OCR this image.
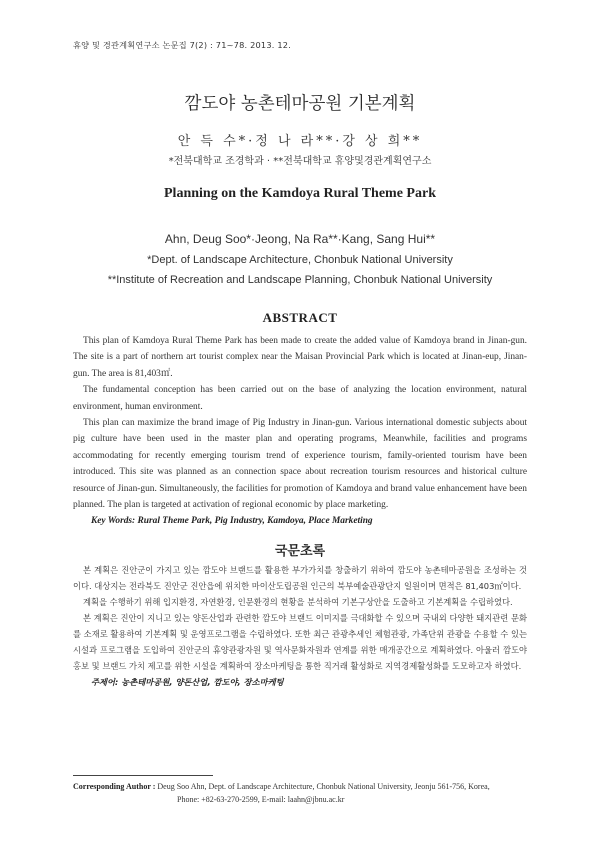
휴양 및 경관계획연구소 논문집 7(2) : 71~78. 2013. 12.
깜도야 농촌테마공원 기본계획
안 득 수*·정 나 라**·강 상 희**
*전북대학교 조경학과 · **전북대학교 휴양및경관계획연구소
Planning on the Kamdoya Rural Theme Park
Ahn, Deug Soo*·Jeong, Na Ra**·Kang, Sang Hui**
*Dept. of Landscape Architecture, Chonbuk National University
**Institute of Recreation and Landscape Planning, Chonbuk National University
ABSTRACT

This plan of Kamdoya Rural Theme Park has been made to create the added value of Kamdoya brand in Jinan-gun. The site is a part of northern art tourist complex near the Maisan Provincial Park which is located at Jinan-eup, Jinan-gun. The area is 81,403㎡.

The fundamental conception has been carried out on the base of analyzing the location environment, natural environment, human environment.

This plan can maximize the brand image of Pig Industry in Jinan-gun. Various international domestic subjects about pig culture have been used in the master plan and operating programs, Meanwhile, facilities and programs accommodating for recently emerging tourism trend of experience tourism, family-oriented tourism have been introduced. This site was planned as an connection space about recreation tourism resources and historical culture resource of Jinan-gun. Simultaneously, the facilities for promotion of Kamdoya and brand value enhancement have been planned. The plan is targeted at activation of regional economic by place marketing.

Key Words: Rural Theme Park, Pig Industry, Kamdoya, Place Marketing

국문초록

본 계획은 진안군이 가지고 있는 깜도야 브랜드를 활용한 부가가치를 창출하기 위하여 깜도야 농촌테마공원을 조성하는 것이다. 대상지는 전라북도 진안군 진안읍에 위치한 마이산도립공원 인근의 북부예술관광단지 일원이며 면적은 81,403㎡이다.

계획을 수행하기 위해 입지환경, 자연환경, 인문환경의 현황을 분석하여 기본구상안을 도출하고 기본계획을 수립하였다.

본 계획은 진안이 지니고 있는 양돈산업과 관련한 깜도야 브랜드 이미지를 극대화할 수 있으며 국내외 다양한 돼지관련 문화를 소재로 활용하여 기본계획 및 운영프로그램을 수립하였다. 또한 최근 관광추세인 체험관광, 가족단위 관광을 수용할 수 있는 시설과 프로그램을 도입하여 진안군의 휴양관광자원 및 역사문화자원과 연계를 위한 매개공간으로 계획하였다. 아울러 깜도야 홍보 및 브랜드 가치 제고를 위한 시설을 계획하여 장소마케팅을 통한 직거래 활성화로 지역경제활성화를 도모하고자 하였다.

주제어: 농촌테마공원, 양돈산업, 깜도야, 장소마케팅

Corresponding Author : Deug Soo Ahn, Dept. of Landscape Architecture, Chonbuk National University, Jeonju 561-756, Korea,
Phone: +82-63-270-2599, E-mail: laahn@jbnu.ac.kr
